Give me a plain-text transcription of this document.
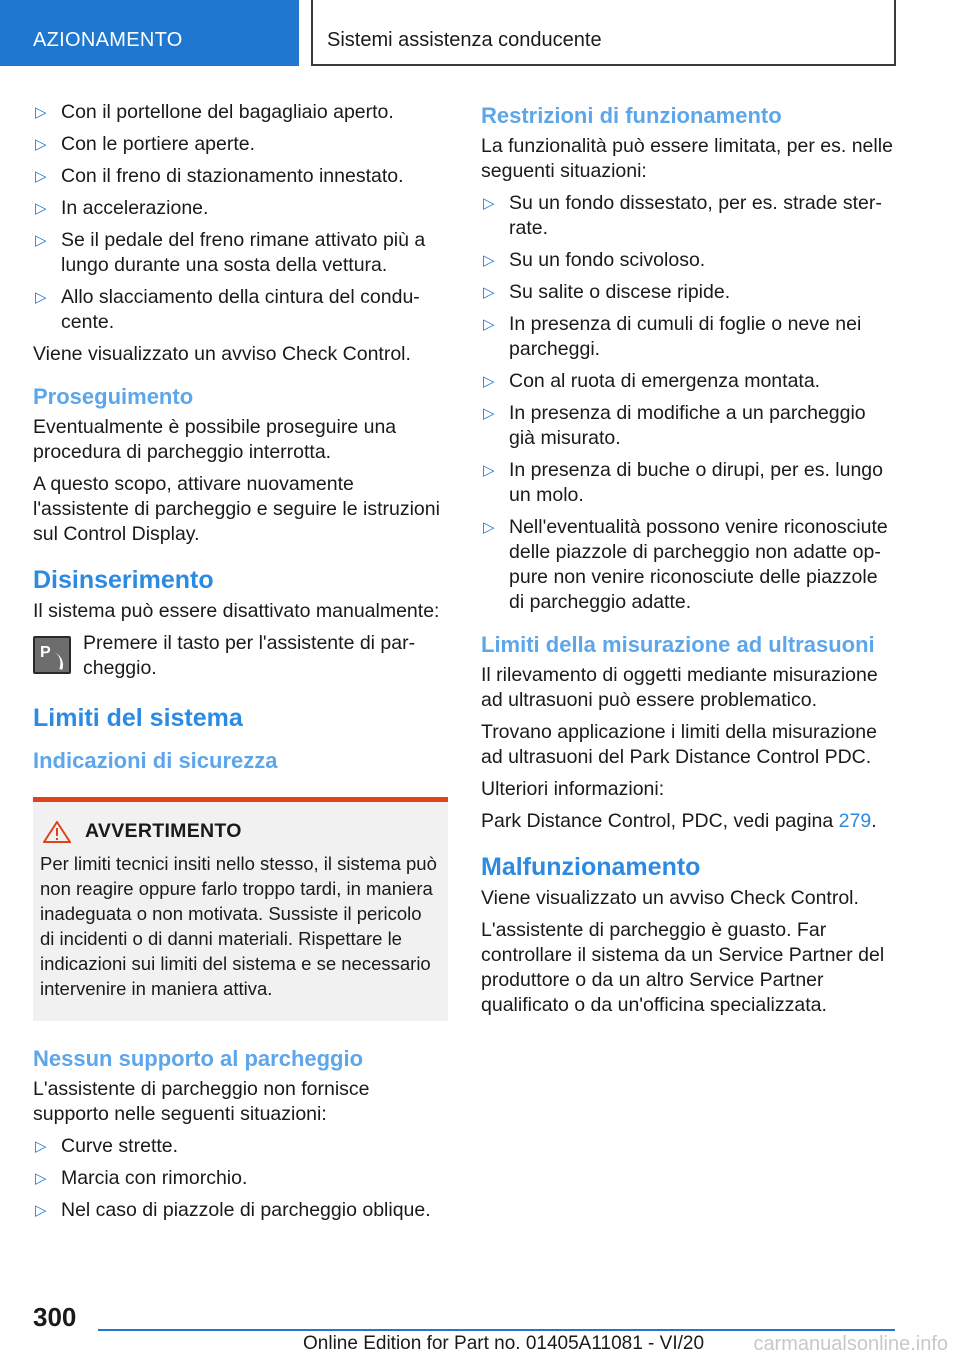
AZIONAMENTO	Sistemi assistenza conducente
▷ Con il portellone del bagagliaio aperto.
▷ Con le portiere aperte.
▷ Con il freno di stazionamento innestato.
▷ In accelerazione.
▷ Se il pedale del freno rimane attivato più a lungo durante una sosta della vettura.
▷ Allo slacciamento della cintura del conducente.

Viene visualizzato un avviso Check Control.

Proseguimento

Eventualmente è possibile proseguire una procedura di parcheggio interrotta.

A questo scopo, attivare nuovamente l'assistente di parcheggio e seguire le istruzioni sul Control Display.

Disinserimento

Il sistema può essere disattivato manualmente:

P Premere il tasto per l'assistente di parcheggio.

Limiti del sistema
Indicazioni di sicurezza
AVVERTIMENTO
Per limiti tecnici insiti nello stesso, il sistema può non reagire oppure farlo troppo tardi, in maniera inadeguata o non motivata. Sussiste il pericolo di incidenti o di danni materiali. Rispettare le indicazioni sui limiti del sistema e se necessario intervenire in maniera attiva.
Nessun supporto al parcheggio

L'assistente di parcheggio non fornisce supporto nelle seguenti situazioni:

▷ Curve strette.
▷ Marcia con rimorchio.
▷ Nel caso di piazzole di parcheggio oblique.
Restrizioni di funzionamento

La funzionalità può essere limitata, per es. nelle seguenti situazioni:

▷ Su un fondo dissestato, per es. strade sterrate.
▷ Su un fondo scivoloso.
▷ Su salite o discese ripide.
▷ In presenza di cumuli di foglie o neve nei parcheggi.
▷ Con al ruota di emergenza montata.
▷ In presenza di modifiche a un parcheggio già misurato.
▷ In presenza di buche o dirupi, per es. lungo un molo.
▷ Nell'eventualità possono venire riconosciute delle piazzole di parcheggio non adatte oppure non venire riconosciute delle piazzole di parcheggio adatte.
Limiti della misurazione ad ultrasuoni

Il rilevamento di oggetti mediante misurazione ad ultrasuoni può essere problematico.

Trovano applicazione i limiti della misurazione ad ultrasuoni del Park Distance Control PDC.

Ulteriori informazioni:

Park Distance Control, PDC, vedi pagina 279.

Malfunzionamento

Viene visualizzato un avviso Check Control.

L'assistente di parcheggio è guasto. Far controllare il sistema da un Service Partner del produttore o da un altro Service Partner qualificato o da un'officina specializzata.

300
Online Edition for Part no. 01405A11081 - VI/20 carmanualsonline.info
